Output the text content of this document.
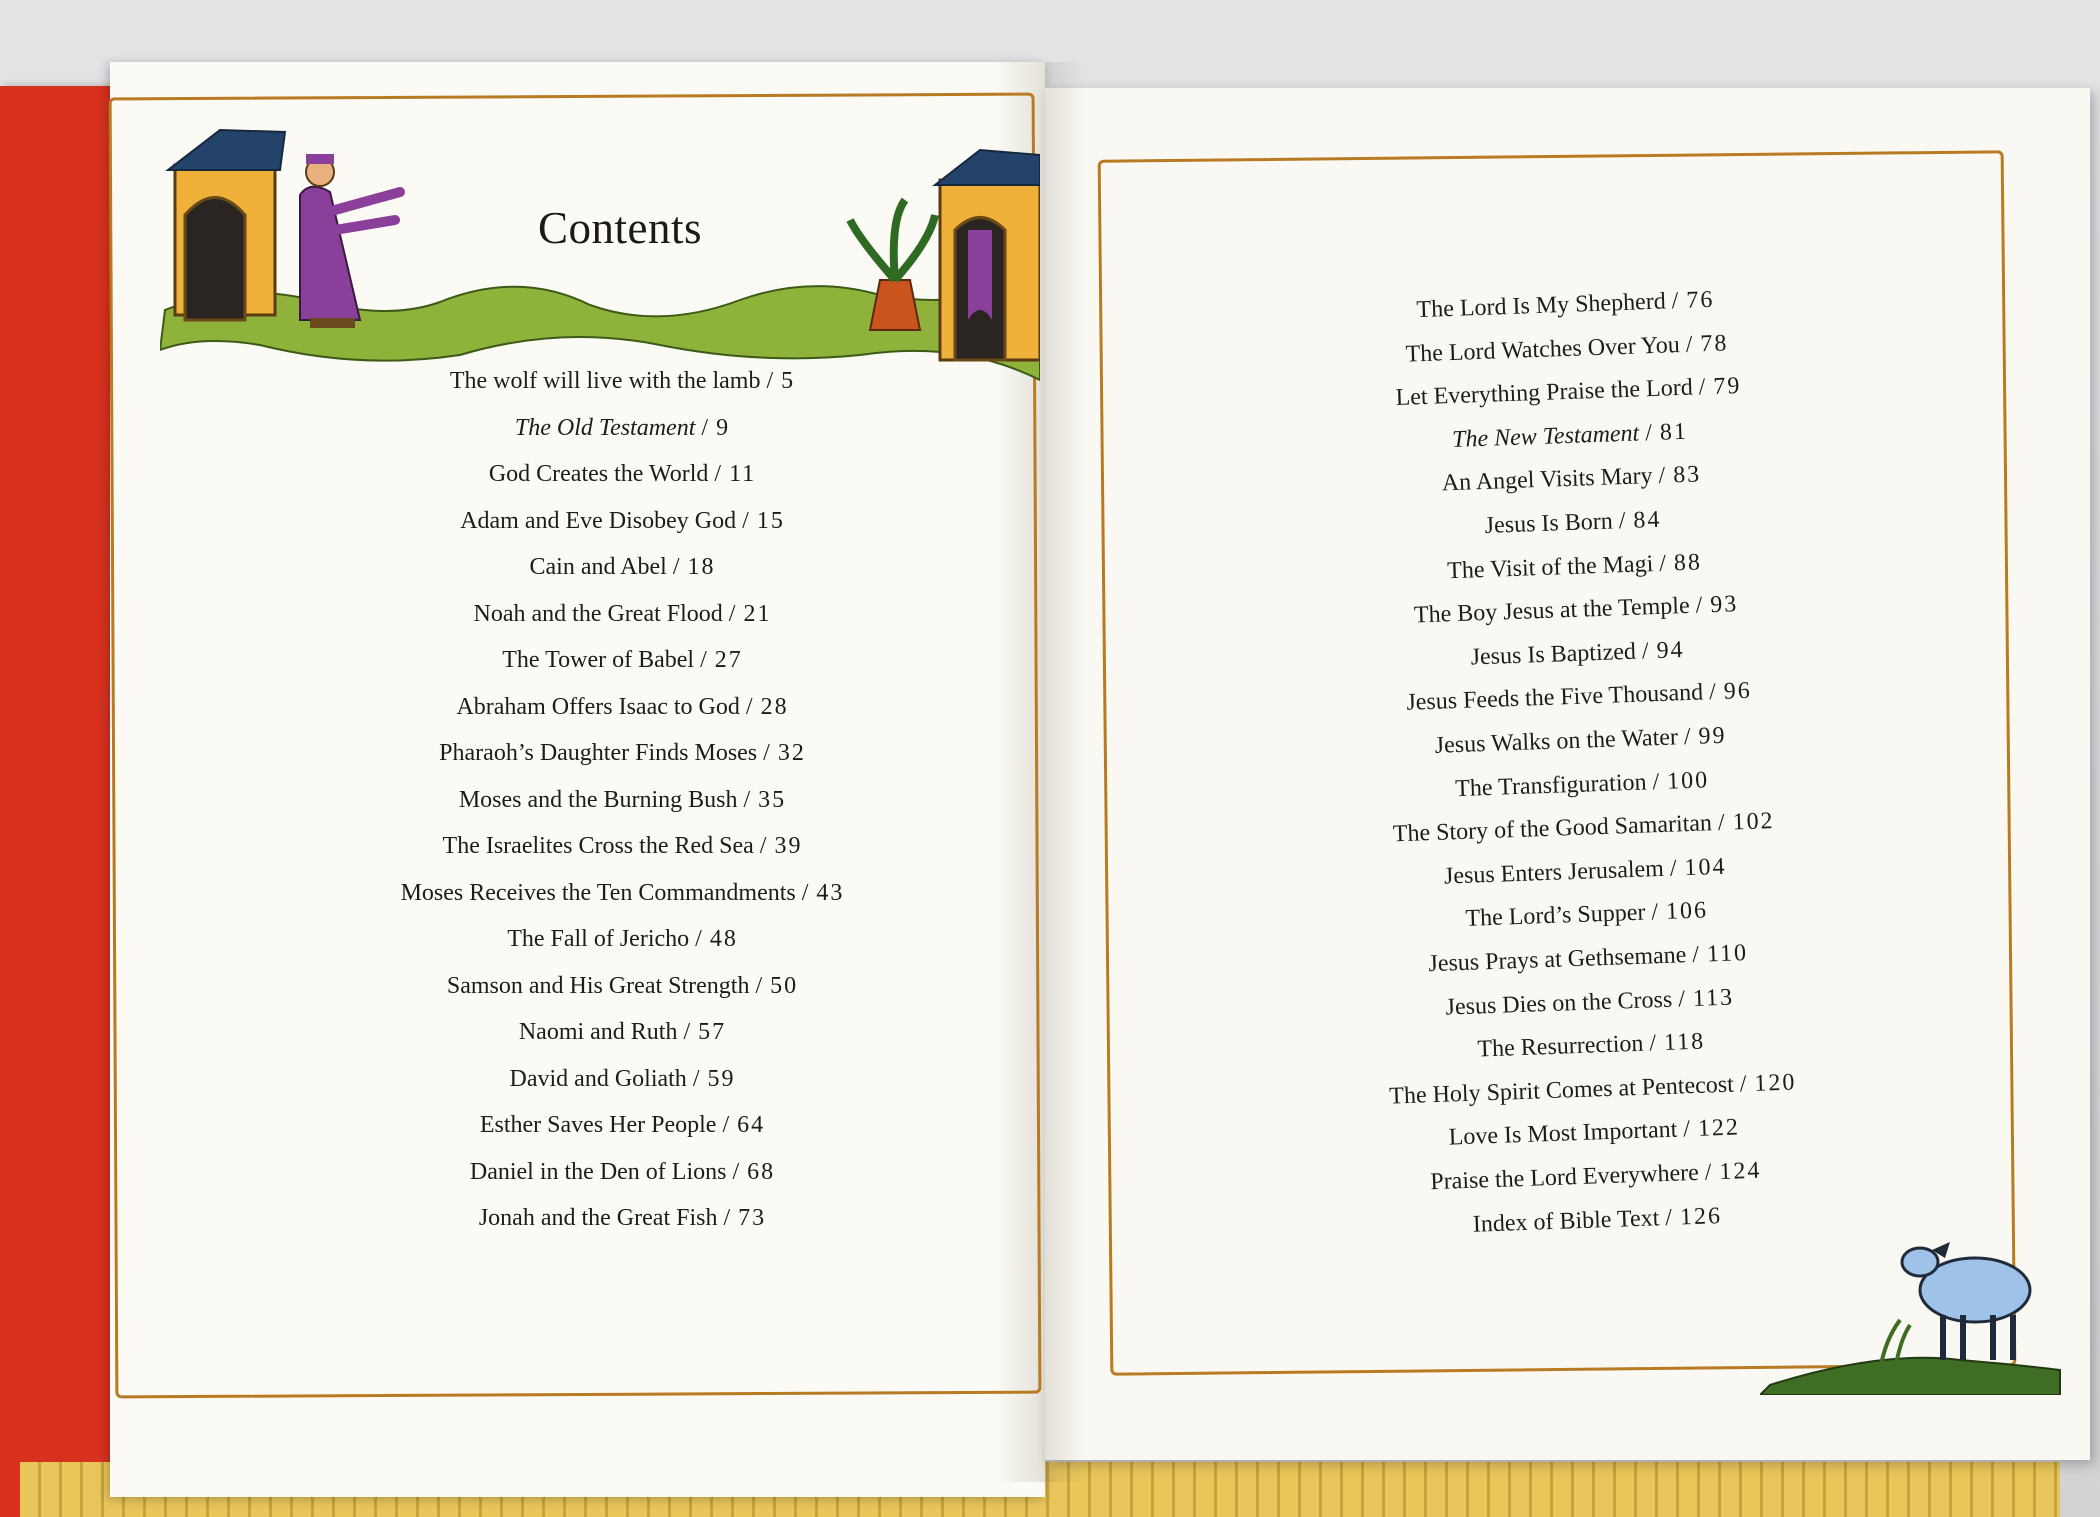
Contents
The wolf will live with the lamb / 5
The Old Testament / 9
God Creates the World / 11
Adam and Eve Disobey God / 15
Cain and Abel / 18
Noah and the Great Flood / 21
The Tower of Babel / 27
Abraham Offers Isaac to God / 28
Pharaoh’s Daughter Finds Moses / 32
Moses and the Burning Bush / 35
The Israelites Cross the Red Sea / 39
Moses Receives the Ten Commandments / 43
The Fall of Jericho / 48
Samson and His Great Strength / 50
Naomi and Ruth / 57
David and Goliath / 59
Esther Saves Her People / 64
Daniel in the Den of Lions / 68
Jonah and the Great Fish / 73
The Lord Is My Shepherd / 76
The Lord Watches Over You / 78
Let Everything Praise the Lord / 79
The New Testament / 81
An Angel Visits Mary / 83
Jesus Is Born / 84
The Visit of the Magi / 88
The Boy Jesus at the Temple / 93
Jesus Is Baptized / 94
Jesus Feeds the Five Thousand / 96
Jesus Walks on the Water / 99
The Transfiguration / 100
The Story of the Good Samaritan / 102
Jesus Enters Jerusalem / 104
The Lord’s Supper / 106
Jesus Prays at Gethsemane / 110
Jesus Dies on the Cross / 113
The Resurrection / 118
The Holy Spirit Comes at Pentecost / 120
Love Is Most Important / 122
Praise the Lord Everywhere / 124
Index of Bible Text / 126
